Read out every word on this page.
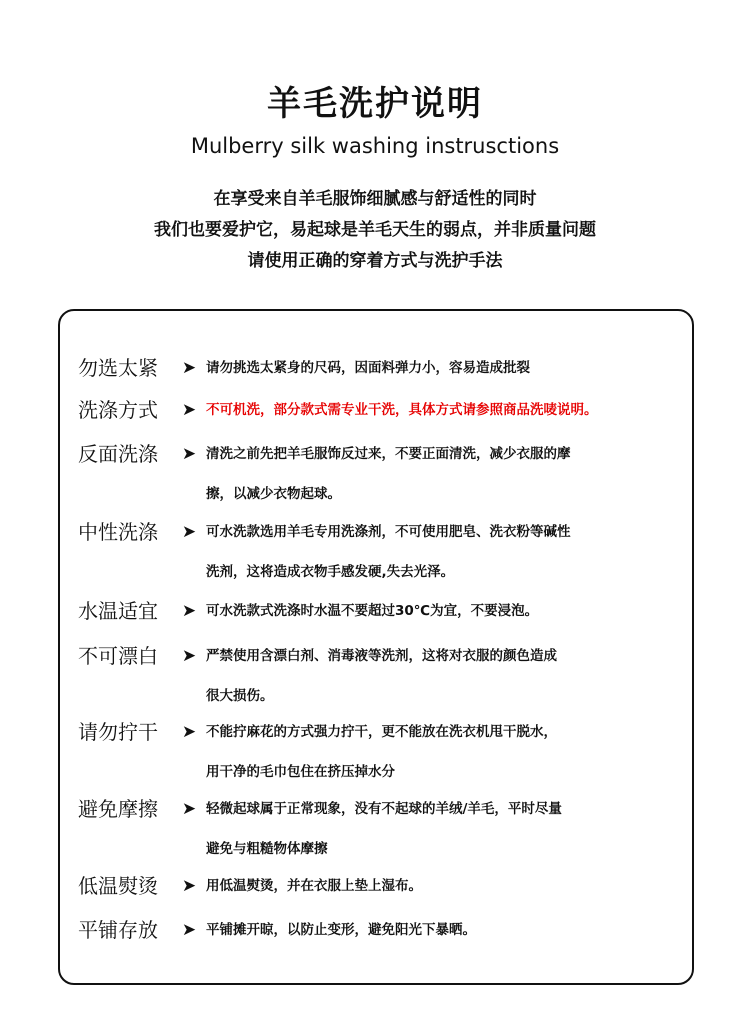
羊毛洗护说明
Mulberry silk washing instrusctions
在享受来自羊毛服饰细腻感与舒适性的同时
我们也要爱护它，易起球是羊毛天生的弱点，并非质量问题
请使用正确的穿着方式与洗护手法
勿选太紧	➤ 请勿挑选太紧身的尺码，因面料弹力小，容易造成批裂
洗涤方式	➤ 不可机洗，部分款式需专业干洗，具体方式请参照商品洗唛说明。
反面洗涤	➤ 清洗之前先把羊毛服饰反过来，不要正面清洗，减少衣服的摩
擦，以减少衣物起球。
中性洗涤	➤ 可水洗款选用羊毛专用洗涤剂，不可使用肥皂、洗衣粉等碱性
洗剂，这将造成衣物手感发硬,失去光泽。
水温适宜	➤ 可水洗款式洗涤时水温不要超过30℃为宜，不要浸泡。
不可漂白	➤ 严禁使用含漂白剂、消毒液等洗剂，这将对衣服的颜色造成
很大损伤。
请勿拧干	➤ 不能拧麻花的方式强力拧干，更不能放在洗衣机甩干脱水，
用干净的毛巾包住在挤压掉水分
避免摩擦	➤ 轻微起球属于正常现象，没有不起球的羊绒/羊毛，平时尽量
避免与粗糙物体摩擦
低温熨烫	➤ 用低温熨烫，并在衣服上垫上湿布。
平铺存放	➤ 平铺摊开晾，以防止变形，避免阳光下暴晒。
